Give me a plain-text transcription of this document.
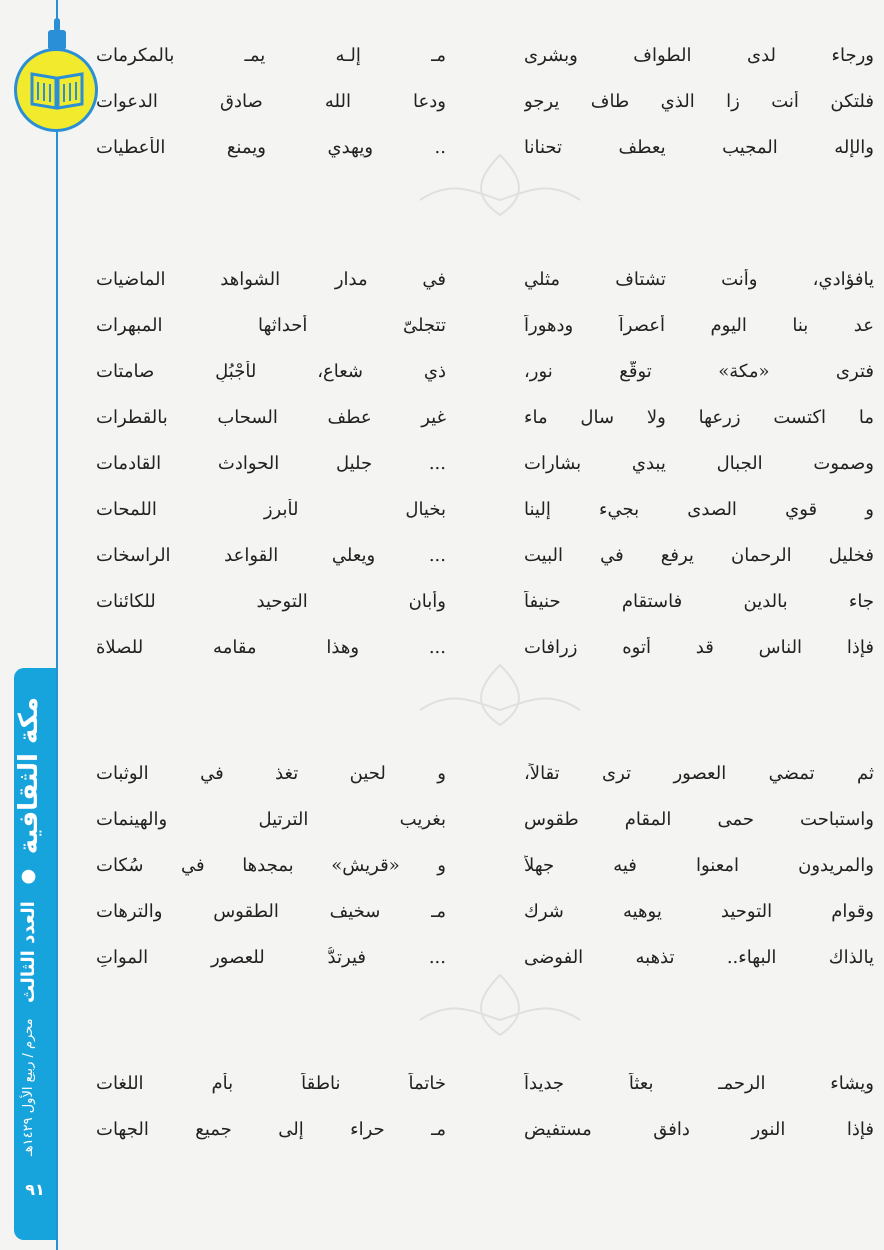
مكة الثقافية ● العدد الثالث محرم / ربيع الأول ١٤٢٩هـ
٩١
ورجاء لدى الطواف وبشرى
مـ إلـه يمـ بالمكرمات
فلتكن أنت زا الذي طاف يرجو
ودعا الله صادق الدعوات
والإله المجيب يعطف تحنانا
.. ويهدي ويمنع الأعطيات
يافؤادي، وأنت تشتاف مثلي
في مدار الشواهد الماضيات
عد بنا اليوم أعصراً ودهوراً
تتجلىّ أحداثها المبهرات
فترى «مكة» توقّع نور،
ذي شعاع، لأجْبُلٍ صامتات
ما اكتست زرعها ولا سال ماء
غير عطف السحاب بالقطرات
وصموت الجبال يبدي بشارات
... جليل الحوادث القادمات
و قوي الصدى بجيء إلينا
بخيال لأبرز اللمحات
فخليل الرحمان يرفع في البيت
... ويعلي القواعد الراسخات
جاء بالدين فاستقام حنيفاً
وأبان التوحيد للكائنات
فإذا الناس قد أتوه زرافات
... وهذا مقامه للصلاة
ثم تمضي العصور ترى تقالاً،
و لحين تغذ في الوثبات
واستباحت حمى المقام طقوس
بغريب الترتيل والهينمات
والمريدون امعنوا فيه جهلاً
و «قريش» بمجدها في سُكات
وقوام التوحيد يوهيه شرك
مـ سخيف الطقوس والترهات
يالذاك البهاء.. تذهبه الفوضى
... فيرتدُّ للعصور المواتِ
ويشاء الرحمـ بعثاً جديداً
خاتماً ناطقاً بأم اللغات
فإذا النور دافق مستفيض
مـ حراء إلى جميع الجهات
